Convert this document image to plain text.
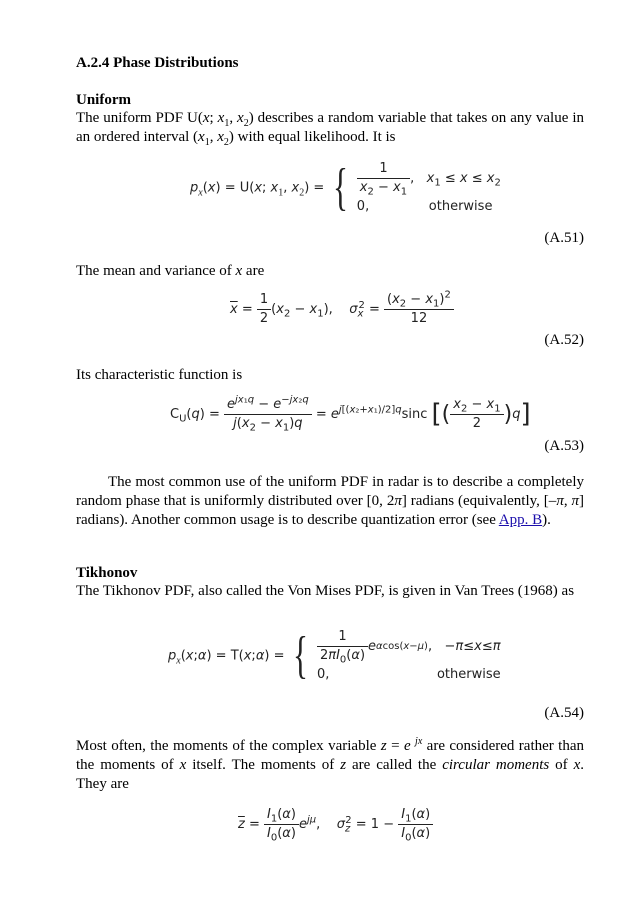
A.2.4 Phase Distributions
Uniform
The uniform PDF U(x; $x_1$, $x_2$) describes a random variable that takes on any value in an ordered interval ($x_1$, $x_2$) with equal likelihood. It is
$p_x(x) = U(x$; $x_1$, $x_2$) = { $\frac{1}{x_2 - x_1}$ ,   $x_1 \le x \le x_2$
0,	otherwise
(A.51)
The mean and variance of x are
$\overline{x} = \frac{1}{2} (x_2 - x_1)$,    $\sigma_x^2 = \frac{(x_2 - x_1)^2}{12}$
(A.52)
Its characteristic function is
$C_U(q) = \frac{e^{jx_1q} - e^{-jx_2q}}{j(x_2 - x_1)q} = e^{j[(x_2+x_1)/2]q}\sin c$ [( $\frac{x_2 - x_1}{2} )q$]
(A.53)
The most common use of the uniform PDF in radar is to describe a completely random phase that is uniformly distributed over [0, 2π] radians (equivalently, [–π, π] radians). Another common usage is to describe quantization error (see App. B).
Tikhonov
The Tikhonov PDF, also called the Von Mises PDF, is given in Van Trees (1968) as
$p_x(x;\alpha)$ = T(x;α) = { $\frac{1}{2\pi I_0(\alpha)}$ e αcos(x−μ) ,   − π ≤ x ≤ π
0,	otherwise
(A.54)
Most often, the moments of the complex variable z = e $^{jx}$ are considered rather than the moments of x itself. The moments of z are called the circular moments of x. They are
$\overline{z} = \frac{I_1(\alpha)}{I_0(\alpha)} e^{j\mu}$,    $\sigma_z^2 = 1 - \frac{I_1(\alpha)}{I_0(\alpha)}$
